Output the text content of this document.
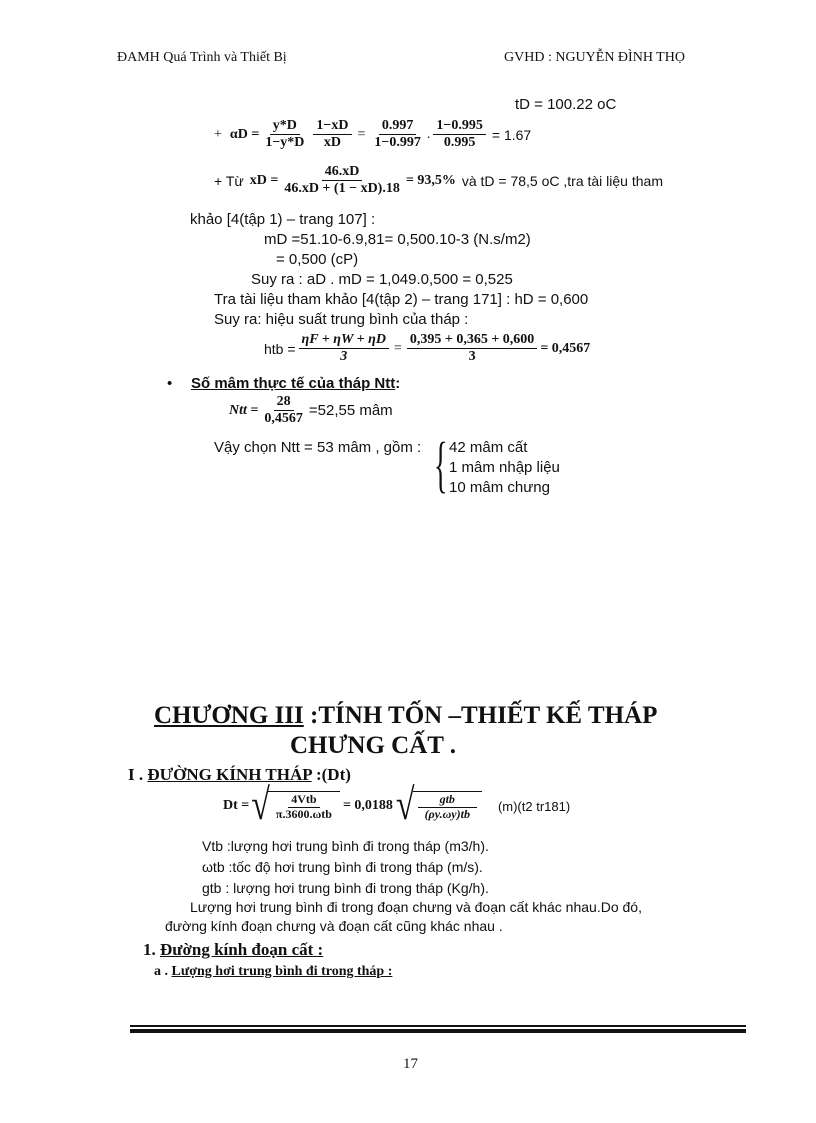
ĐAMH Quá Trình và Thiết Bị	GVHD : NGUYỄN ĐÌNH THỌ
tD = 100.22 oC
+ $\alpha D = \frac{y*D}{1-y*D} \frac{1-xD}{xD} = \frac{0.997}{1-0.997}$ . $\frac{1-0.995}{0.995} = 1.67$
+ Từ xD = $\frac{46.xD}{46.xD + (1 - xD).18} = 93,5\%$ và tD = 78,5 oC ,tra tài liệu tham
khảo [4(tập 1) – trang 107] :
mD =51.10-6.9,81= 0,500.10-3 (N.s/m2)
= 0,500 (cP)
Suy ra : aD . mD = 1,049.0,500 = 0,525
Tra tài liệu tham khảo [4(tập 2) – trang 171] : hD = 0,600
Suy ra: hiệu suất trung bình của tháp :
htb = $\frac{\eta F + \eta W + \eta D}{3} = \frac{0,395 + 0,365 + 0,600}{3} = 0,4567$
• Số mâm thực tế của tháp Ntt:
Ntt = $\frac{28}{0,4567} =52,55$ mâm
Vậy chọn Ntt = 53 mâm , gồm : { 42 mâm cất
1 mâm nhập liệu
10 mâm chưng
CHƯƠNG III :TÍNH TỐN –THIẾT KẾ THÁP
CHƯNG CẤT .
I . ĐƯỜNG KÍNH THÁP :(Dt)
Dt = √ $\frac{\text{4Vtb}}{\text{π.3600.ωtb}} = 0,0188$ √ $\frac{\text{gtb}}{(\rho y.\omega y)tb} (m)(t2$ tr181)
Vtb :lượng hơi trung bình đi trong tháp (m3/h).
ωtb :tốc độ hơi trung bình đi trong tháp (m/s).
gtb : lượng hơi trung bình đi trong tháp (Kg/h).
Lượng hơi trung bình đi trong đoạn chưng và đoạn cất khác nhau.Do đó,
đường kính đoạn chưng và đoạn cất cũng khác nhau .
1. Đường kính đoạn cất :
a . Lượng hơi trung bình đi trong tháp :
17
